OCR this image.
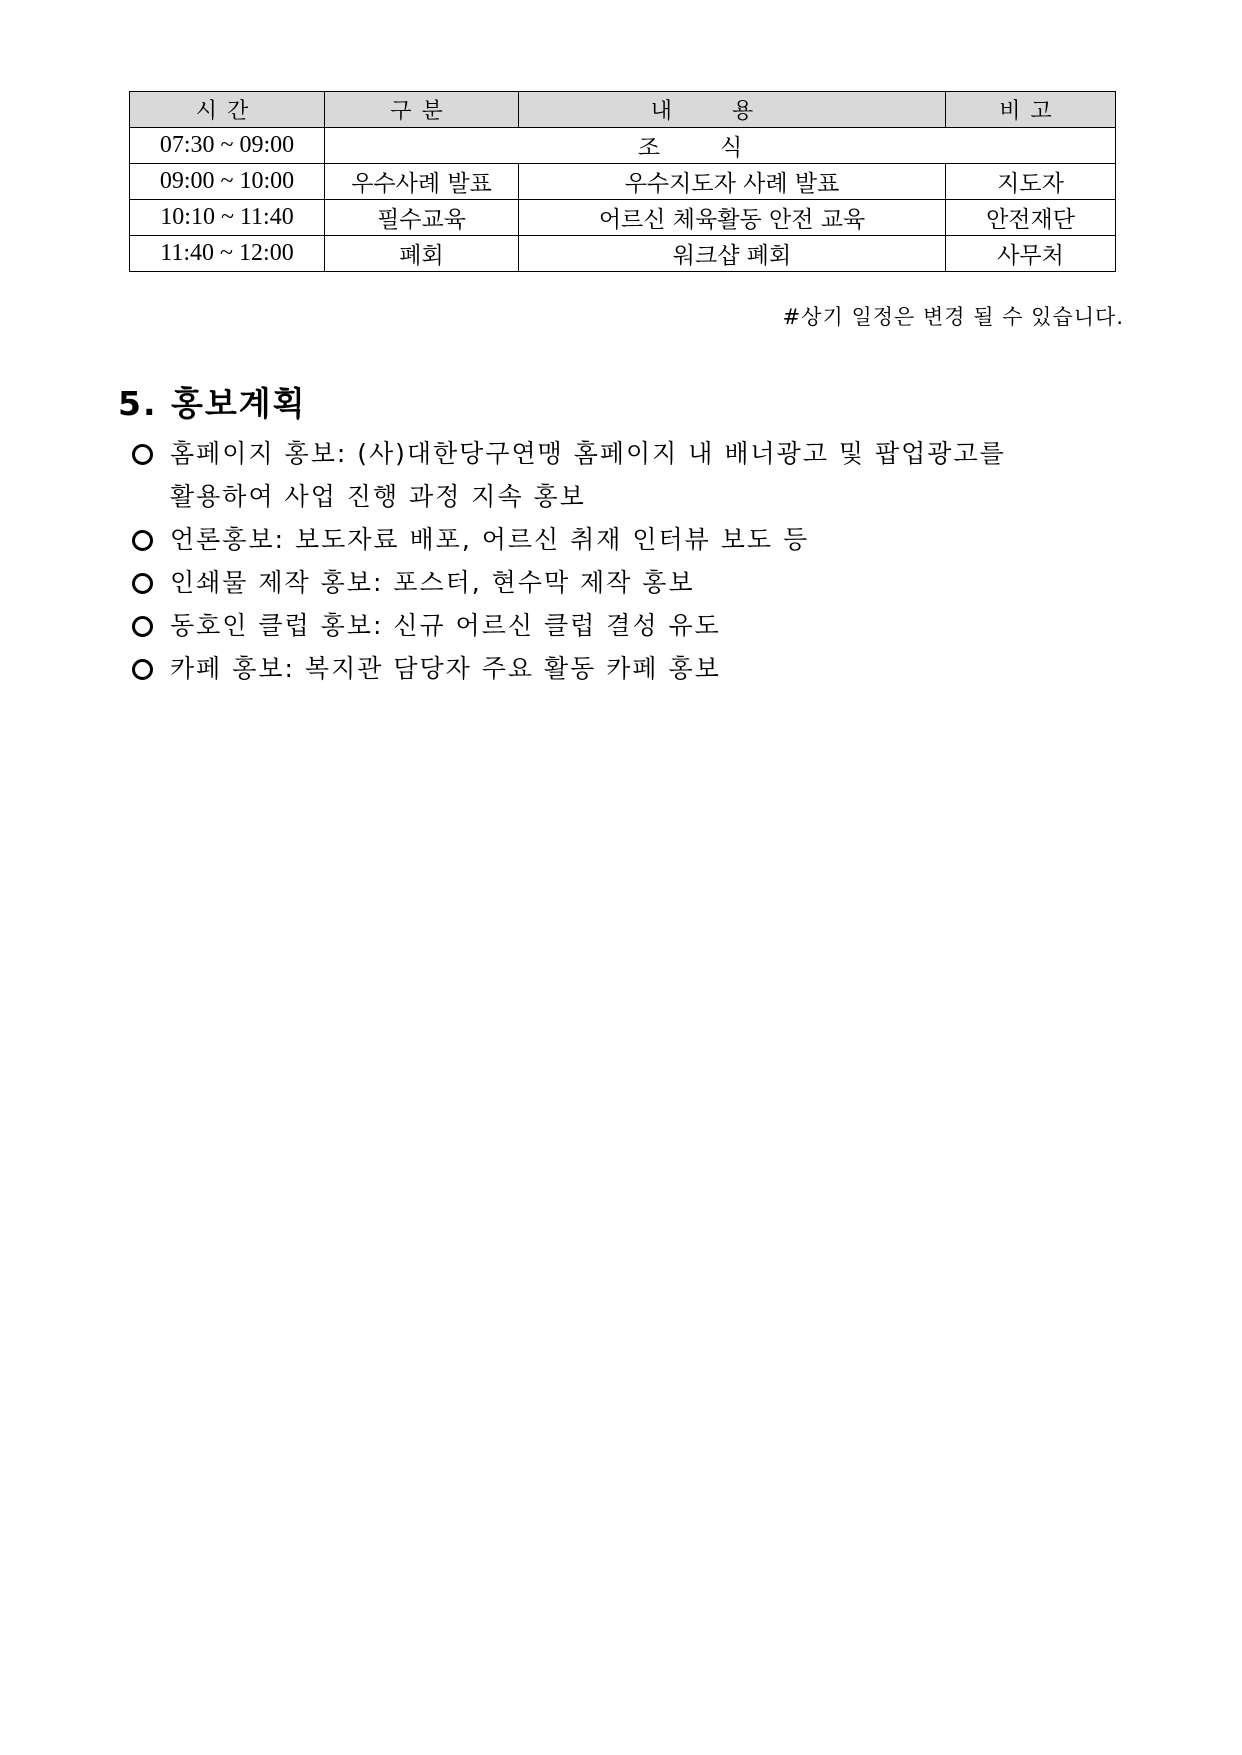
시간	구분	내용	비고
07:30 ~ 09:00	조식		
09:00 ~ 10:00	우수사례 발표	우수지도자 사례 발표	지도자
10:10 ~ 11:40	필수교육	어르신 체육활동 안전 교육	안전재단
11:40 ~ 12:00	폐회	워크샵 폐회	사무처
#상기 일정은 변경 될 수 있습니다.
5. 홍보계획
홈페이지 홍보: (사)대한당구연맹 홈페이지 내 배너광고 및 팝업광고를
활용하여 사업 진행 과정 지속 홍보
언론홍보: 보도자료 배포, 어르신 취재 인터뷰 보도 등
인쇄물 제작 홍보: 포스터, 현수막 제작 홍보
동호인 클럽 홍보: 신규 어르신 클럽 결성 유도
카페 홍보: 복지관 담당자 주요 활동 카페 홍보
